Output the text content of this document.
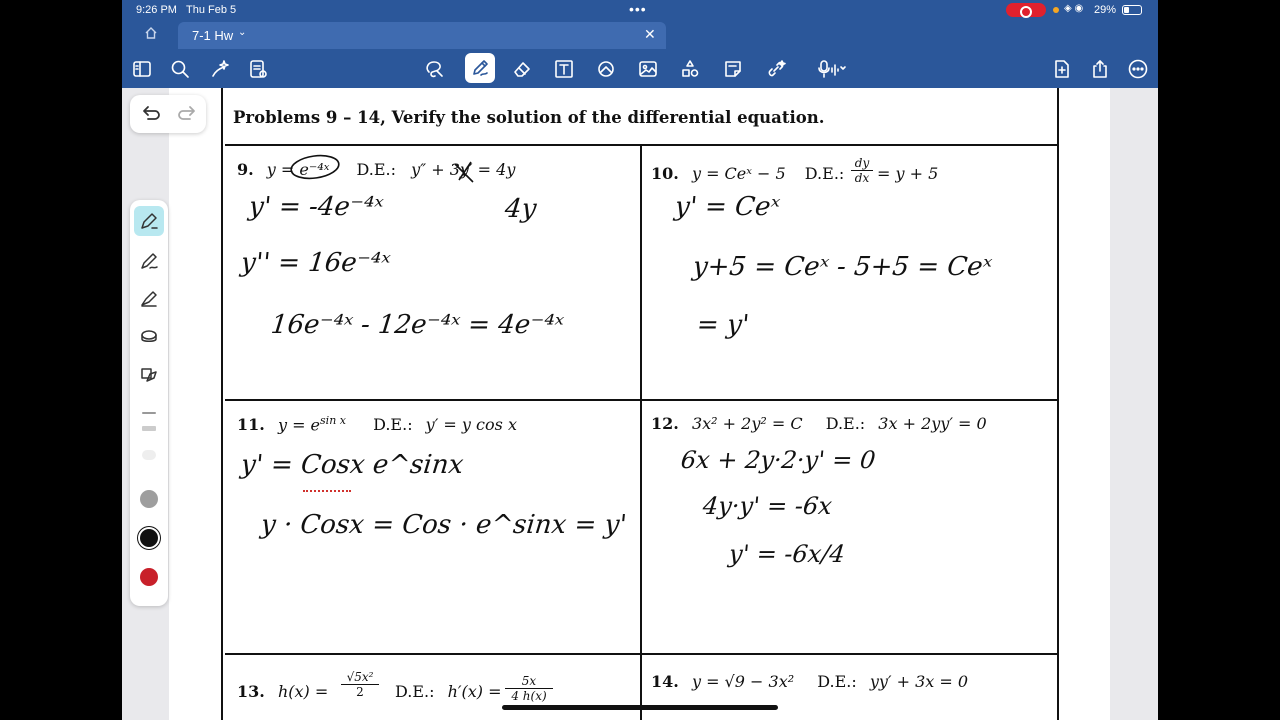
9:26 PM Thu Feb 5	•••	◈ ◉ 29%
7-1 Hw ⌄	✕
Problems 9 – 14, Verify the solution of the differential equation.
9. y = e⁻⁴ˣ D.E.: y″ + 3y′ = 4y
y' = -4e⁻⁴ˣ	4y
y'' = 16e⁻⁴ˣ
16e⁻⁴ˣ - 12e⁻⁴ˣ = 4e⁻⁴ˣ
10. y = Ceˣ − 5 D.E.:
dy
dx = y + 5
y' = Ceˣ
y+5 = Ceˣ - 5+5 = Ceˣ
= y'
11. $y = e^{sin x}$ D.E.: y′ = y cos x
y' = Cosx e^sinx
y · Cosx = Cos · e^sinx = y'
12. 3x² + 2y² = C D.E.: 3x + 2yy′ = 0
6x + 2y·2·y' = 0
4y·y' = -6x
y' = -6x/4
13. h(x) =
√5x²
2	D.E.: h′(x) =
5x
4 h(x)
14. y = √9 − 3x² D.E.: yy′ + 3x = 0
